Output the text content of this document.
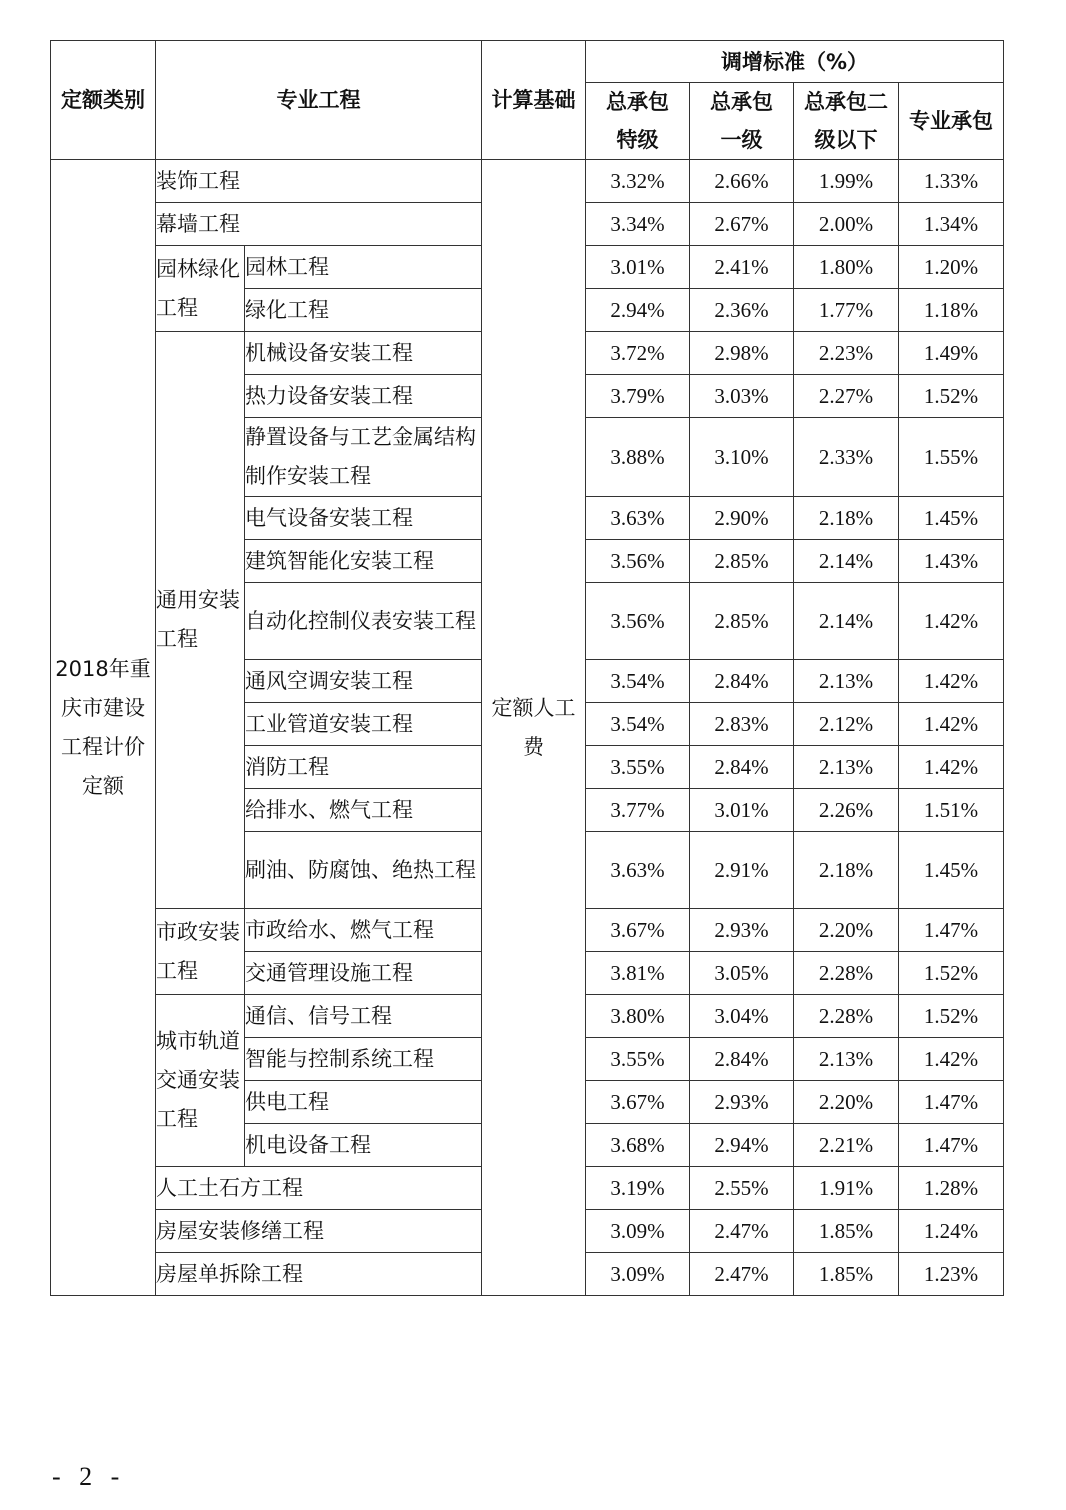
定额类别	专业工程		计算基础	调增标准（%）			
				总承包特级	总承包一级	总承包二级以下	专业承包
2018年重庆市建设工程计价定额	装饰工程		定额人工费	3.32%	2.66%	1.99%	1.33%
	幕墙工程			3.34%	2.67%	2.00%	1.34%
	园林绿化工程	园林工程		3.01%	2.41%	1.80%	1.20%
		绿化工程		2.94%	2.36%	1.77%	1.18%
	通用安装工程	机械设备安装工程		3.72%	2.98%	2.23%	1.49%
		热力设备安装工程		3.79%	3.03%	2.27%	1.52%
		静置设备与工艺金属结构制作安装工程		3.88%	3.10%	2.33%	1.55%
		电气设备安装工程		3.63%	2.90%	2.18%	1.45%
		建筑智能化安装工程		3.56%	2.85%	2.14%	1.43%
		自动化控制仪表安装工程		3.56%	2.85%	2.14%	1.42%
		通风空调安装工程		3.54%	2.84%	2.13%	1.42%
		工业管道安装工程		3.54%	2.83%	2.12%	1.42%
		消防工程		3.55%	2.84%	2.13%	1.42%
		给排水、燃气工程		3.77%	3.01%	2.26%	1.51%
		刷油、防腐蚀、绝热工程		3.63%	2.91%	2.18%	1.45%
	市政安装工程	市政给水、燃气工程		3.67%	2.93%	2.20%	1.47%
		交通管理设施工程		3.81%	3.05%	2.28%	1.52%
	城市轨道交通安装工程	通信、信号工程		3.80%	3.04%	2.28%	1.52%
		智能与控制系统工程		3.55%	2.84%	2.13%	1.42%
		供电工程		3.67%	2.93%	2.20%	1.47%
		机电设备工程		3.68%	2.94%	2.21%	1.47%
	人工土石方工程			3.19%	2.55%	1.91%	1.28%
	房屋安装修缮工程			3.09%	2.47%	1.85%	1.24%
	房屋单拆除工程			3.09%	2.47%	1.85%	1.23%
- 2 -
